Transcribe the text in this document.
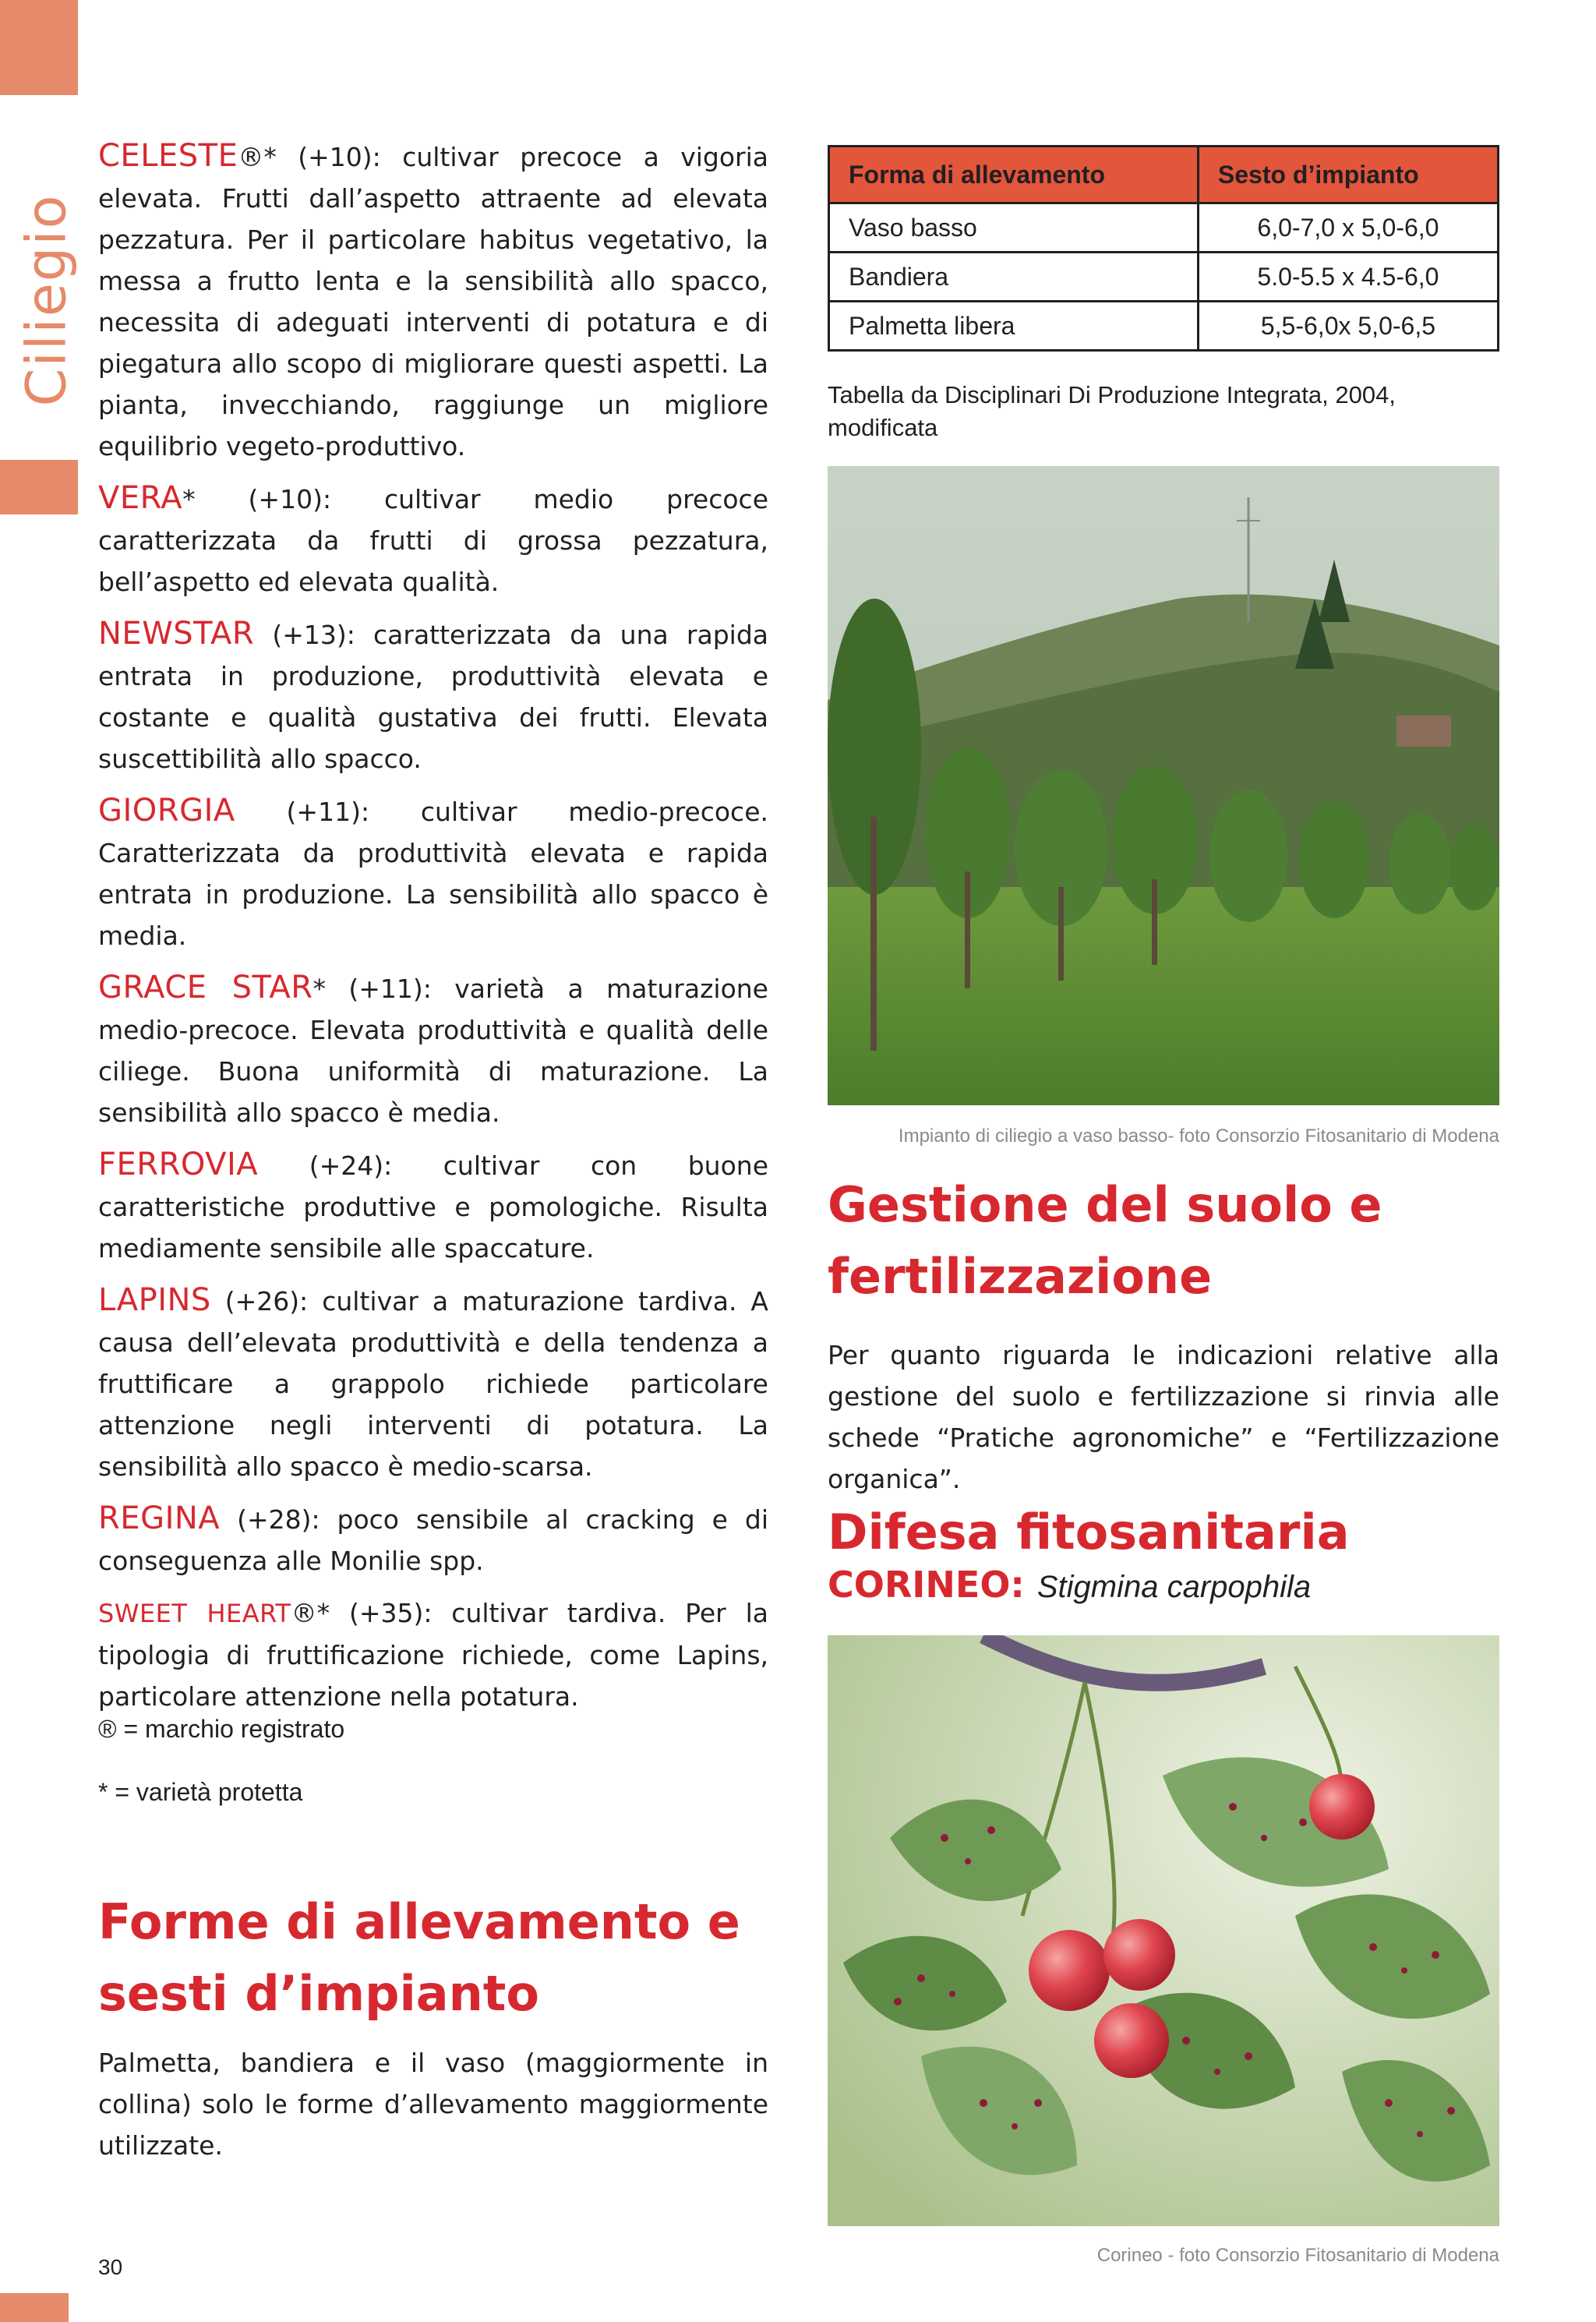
Ciliegio

CELESTE®* (+10): cultivar precoce a vigoria elevata. Frutti dall’aspetto attraente ad elevata pezzatura. Per il particolare habitus vegetativo, la messa a frutto lenta e la sensibilità allo spacco, necessita di adeguati interventi di potatura e di piegatura allo scopo di migliorare questi aspetti. La pianta, invecchiando, raggiunge un migliore equilibrio vegeto-produttivo.

VERA* (+10): cultivar medio precoce caratterizzata da frutti di grossa pezzatura, bell’aspetto ed elevata qualità.

NEWSTAR (+13): caratterizzata da una rapida entrata in produzione, produttività elevata e costante e qualità gustativa dei frutti. Elevata suscettibilità allo spacco.

GIORGIA (+11): cultivar medio-precoce. Caratterizzata da produttività elevata e rapida entrata in produzione. La sensibilità allo spacco è media.

GRACE STAR* (+11): varietà a maturazione medio-precoce. Elevata produttività e qualità delle ciliege. Buona uniformità di maturazione. La sensibilità allo spacco è media.

FERROVIA (+24): cultivar con buone caratteristiche produttive e pomologiche. Risulta mediamente sensibile alle spaccature.

LAPINS (+26): cultivar a maturazione tardiva. A causa dell’elevata produttività e della tendenza a fruttificare a grappolo richiede particolare attenzione negli interventi di potatura. La sensibilità allo spacco è medio-scarsa.

REGINA (+28): poco sensibile al cracking e di conseguenza alle Monilie spp.

SWEET HEART®* (+35): cultivar tardiva. Per la tipologia di fruttificazione richiede, come Lapins, particolare attenzione nella potatura.

® = marchio registrato
* = varietà protetta
Forme di allevamento e
sesti d’impianto
Palmetta, bandiera e il vaso (maggiormente in collina) solo le forme d’allevamento maggiormente utilizzate.
30
Forma di allevamento	Sesto d’impianto
Vaso basso	6,0-7,0 x 5,0-6,0
Bandiera	5.0-5.5 x 4.5-6,0
Palmetta libera	5,5-6,0x 5,0-6,5
Tabella da Disciplinari Di Produzione Integrata, 2004, modificata
Impianto di ciliegio a vaso basso- foto Consorzio Fitosanitario di Modena
Gestione del suolo e
fertilizzazione
Per quanto riguarda le indicazioni relative alla gestione del suolo e fertilizzazione si rinvia alle schede “Pratiche agronomiche” e “Fertilizzazione organica”.
Difesa fitosanitaria
CORINEO: Stigmina carpophila
Corineo - foto Consorzio Fitosanitario di Modena
